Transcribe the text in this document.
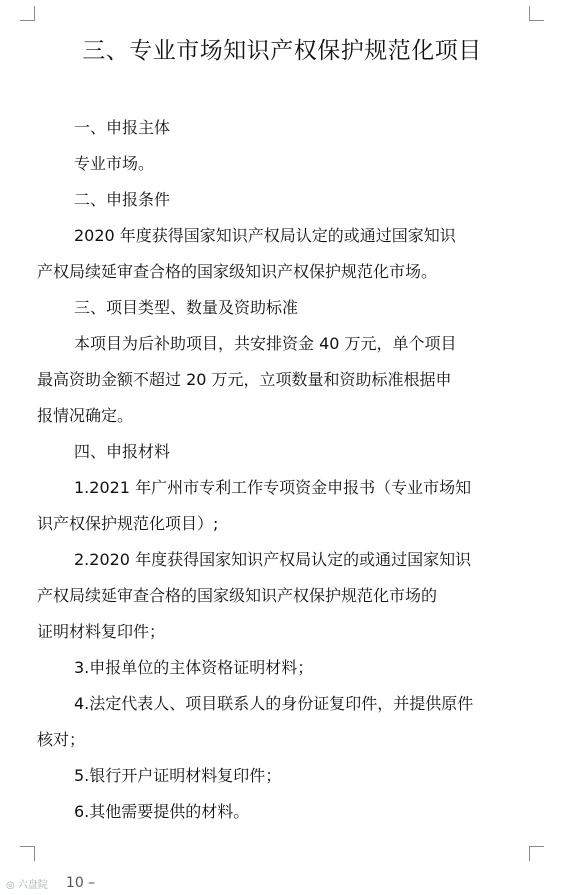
三、专业市场知识产权保护规范化项目
一、申报主体
专业市场。
二、申报条件
2020 年度获得国家知识产权局认定的或通过国家知识
产权局续延审查合格的国家级知识产权保护规范化市场。
三、项目类型、数量及资助标准
本项目为后补助项目，共安排资金 40 万元，单个项目
最高资助金额不超过 20 万元，立项数量和资助标准根据申
报情况确定。
四、申报材料
1.2021 年广州市专利工作专项资金申报书（专业市场知
识产权保护规范化项目）;
2.2020 年度获得国家知识产权局认定的或通过国家知识
产权局续延审查合格的国家级知识产权保护规范化市场的
证明材料复印件；
3.申报单位的主体资格证明材料；
4.法定代表人、项目联系人的身份证复印件，并提供原件
核对；
5.银行开户证明材料复印件；
6.其他需要提供的材料。
◎ 六盘院 10 –
